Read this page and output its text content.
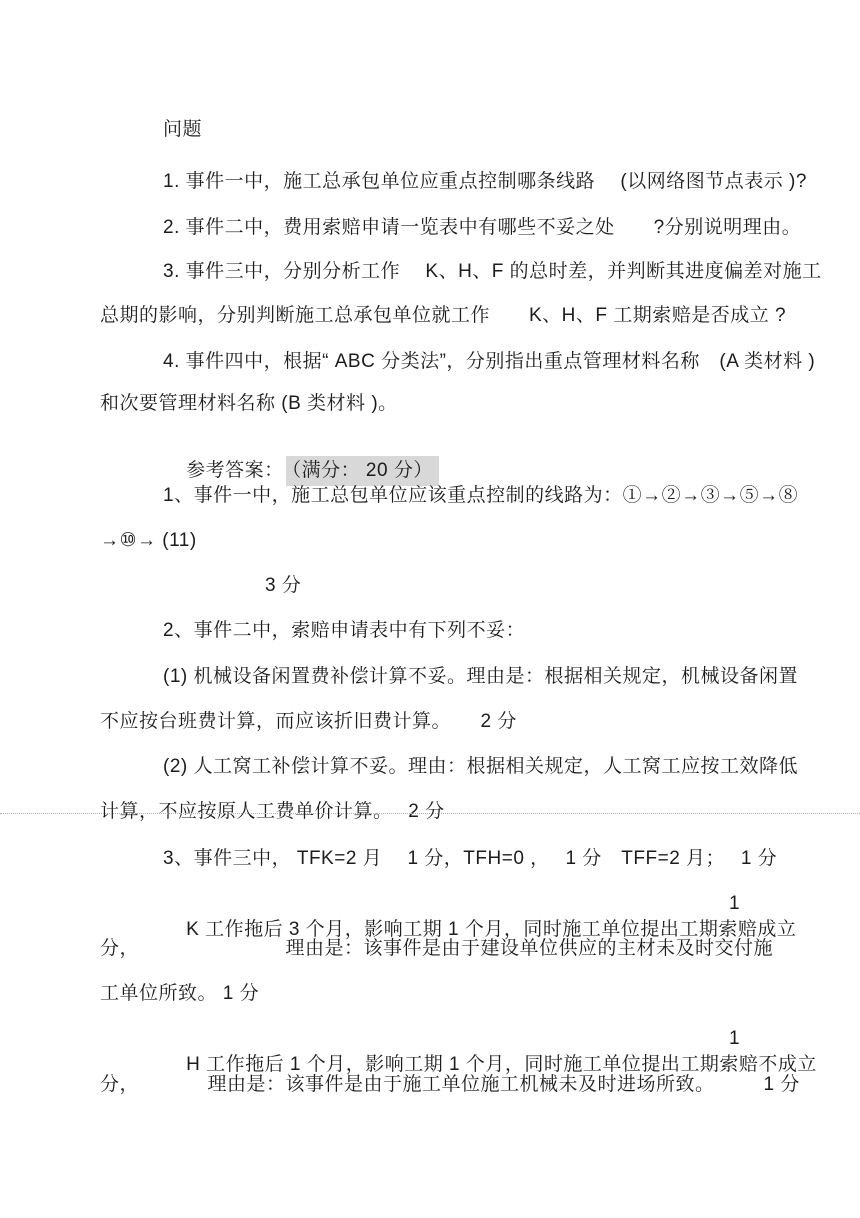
问题
1. 事件一中，施工总承包单位应重点控制哪条线路　 (以网络图节点表示 )?
2. 事件二中，费用索赔申请一览表中有哪些不妥之处　　?分别说明理由。
3. 事件三中，分别分析工作　 K、H、F 的总时差，并判断其进度偏差对施工
总期的影响，分别判断施工总承包单位就工作　　K、H、F 工期索赔是否成立 ?
4. 事件四中，根据“ ABC 分类法”，分别指出重点管理材料名称　(A 类材料 )
和次要管理材料名称 (B 类材料 )。

参考答案： （满分： 20 分）

1、事件一中，施工总包单位应该重点控制的线路为：①→②→③→⑤→⑧
→⑩→ (11)
3 分
2、事件二中，索赔申请表中有下列不妥：
(1) 机械设备闲置费补偿计算不妥。理由是：根据相关规定，机械设备闲置
不应按台班费计算，而应该折旧费计算。　　2 分
(2) 人工窝工补偿计算不妥。理由：根据相关规定，人工窝工应按工效降低
计算，不应按原人工费单价计算。　 2 分
3、事件三中， TFK=2 月　 1 分，TFH=0 ，　 1 分　TFF=2 月；　 1 分

K 工作拖后 3 个月，影响工期 1 个月，同时施工单位提出工期索赔成立

1

分，　　　　　　　　理由是：该事件是由于建设单位供应的主材未及时交付施
工单位所致。 1 分

H 工作拖后 1 个月，影响工期 1 个月，同时施工单位提出工期索赔不成立

1

分，　　　　理由是：该事件是由于施工单位施工机械未及时进场所致。　　　1 分
